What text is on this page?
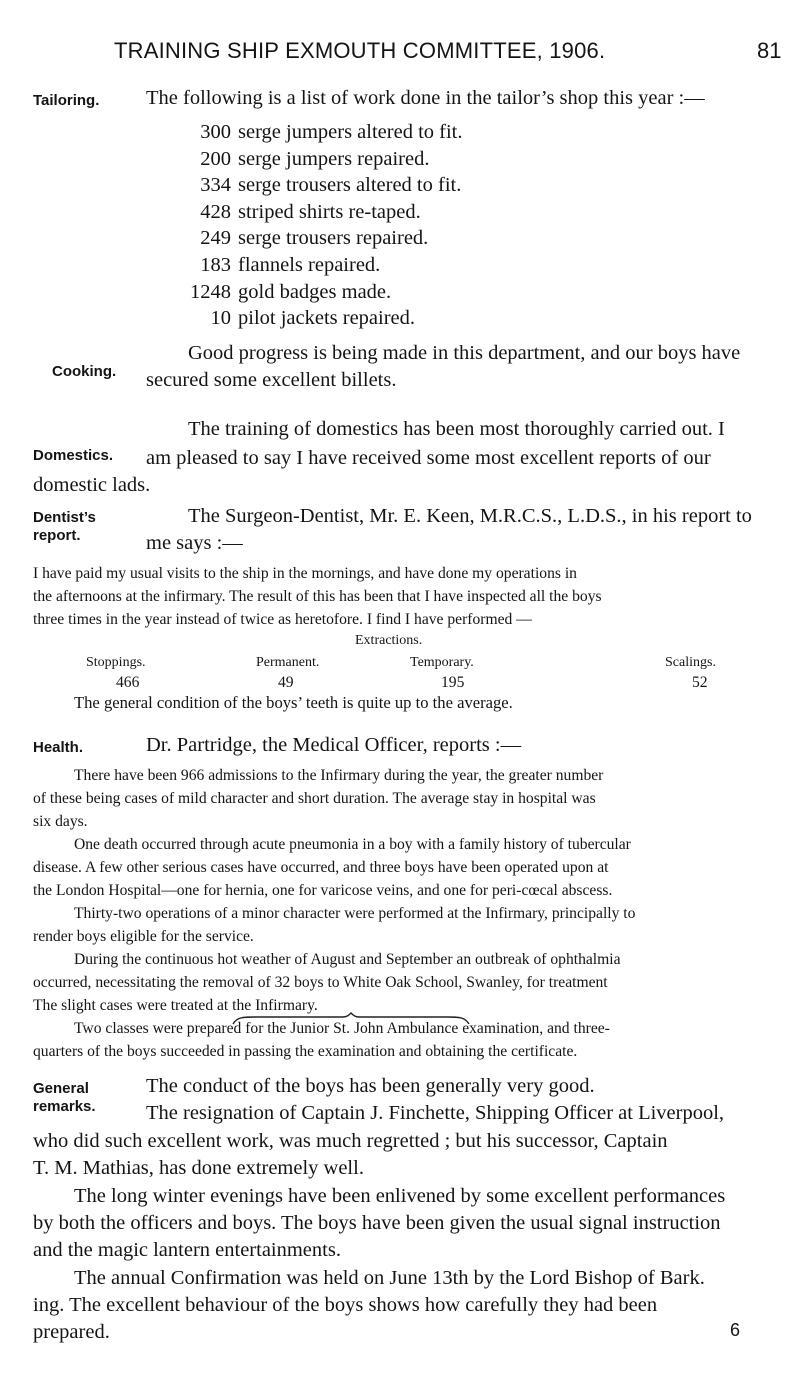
TRAINING SHIP EXMOUTH COMMITTEE, 1906.	81
Tailoring. The following is a list of work done in the tailor’s shop this year :—
300 serge jumpers altered to fit.
200 serge jumpers repaired.
334 serge trousers altered to fit.
428 striped shirts re-taped.
249 serge trousers repaired.
183 flannels repaired.
1248 gold badges made.
10 pilot jackets repaired.
Cooking.
Good progress is being made in this department, and our boys have
secured some excellent billets.
Domestics.
The training of domestics has been most thoroughly carried out. I
am pleased to say I have received some most excellent reports of our
domestic lads.
Dentist’s report.
The Surgeon-Dentist, Mr. E. Keen, M.R.C.S., L.D.S., in his report to
me says :—
I have paid my usual visits to the ship in the mornings, and have done my operations in
the afternoons at the infirmary. The result of this has been that I have inspected all the boys
three times in the year instead of twice as heretofore. I find I have performed —
Extractions.
Stoppings.	Permanent.	Temporary.	Scalings.
466	49	195	52
The general condition of the boys’ teeth is quite up to the average.
Health.	Dr. Partridge, the Medical Officer, reports :—
There have been 966 admissions to the Infirmary during the year, the greater number
of these being cases of mild character and short duration. The average stay in hospital was
six days.
One death occurred through acute pneumonia in a boy with a family history of tubercular
disease. A few other serious cases have occurred, and three boys have been operated upon at
the London Hospital—one for hernia, one for varicose veins, and one for peri-cœcal abscess.
Thirty-two operations of a minor character were performed at the Infirmary, principally to
render boys eligible for the service.
During the continuous hot weather of August and September an outbreak of ophthalmia
occurred, necessitating the removal of 32 boys to White Oak School, Swanley, for treatment
The slight cases were treated at the Infirmary.
Two classes were prepared for the Junior St. John Ambulance examination, and three-
quarters of the boys succeeded in passing the examination and obtaining the certificate.
General remarks.
The conduct of the boys has been generally very good.
The resignation of Captain J. Finchette, Shipping Officer at Liverpool,
who did such excellent work, was much regretted ; but his successor, Captain
T. M. Mathias, has done extremely well.
The long winter evenings have been enlivened by some excellent performances
by both the officers and boys. The boys have been given the usual signal instruction
and the magic lantern entertainments.
The annual Confirmation was held on June 13th by the Lord Bishop of Bark.
ing. The excellent behaviour of the boys shows how carefully they had been
prepared.	6
